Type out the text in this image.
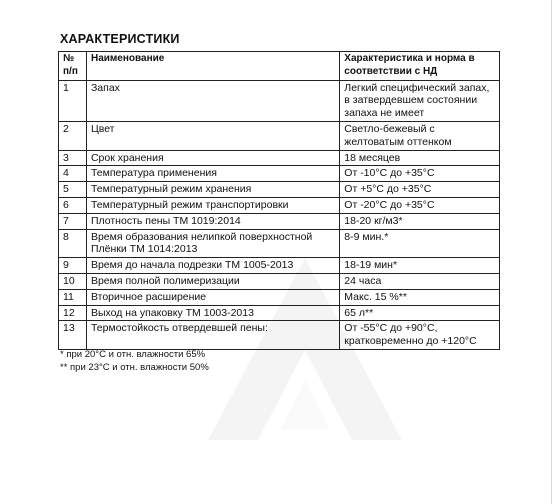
ХАРАКТЕРИСТИКИ
№ п/п	Наименование	Характеристика и норма в соответствии с НД
1	Запах	Легкий специфический запах, в затвердевшем состоянии запаха не имеет
2	Цвет	Светло-бежевый с желтоватым оттенком
3	Срок хранения	18 месяцев
4	Температура применения	От -10°С до +35°С
5	Температурный режим хранения	От +5°С до +35°С
6	Температурный режим транспортировки	От -20°С до +35°С
7	Плотность пены ТМ 1019:2014	18-20 кг/м3*
8	Время образования нелипкой поверхностной Плёнки ТМ 1014:2013	8-9 мин.*
9	Время до начала подрезки ТМ 1005-2013	18-19 мин*
10	Время полной полимеризации	24 часа
11	Вторичное расширение	Макс. 15 %**
12	Выход на упаковку ТМ 1003-2013	65 л**
13	Термостойкость отвердевшей пены:	От -55°С до +90°С, кратковременно до +120°С
* при 20°С и отн. влажности 65%
** при 23°С и отн. влажности 50%
